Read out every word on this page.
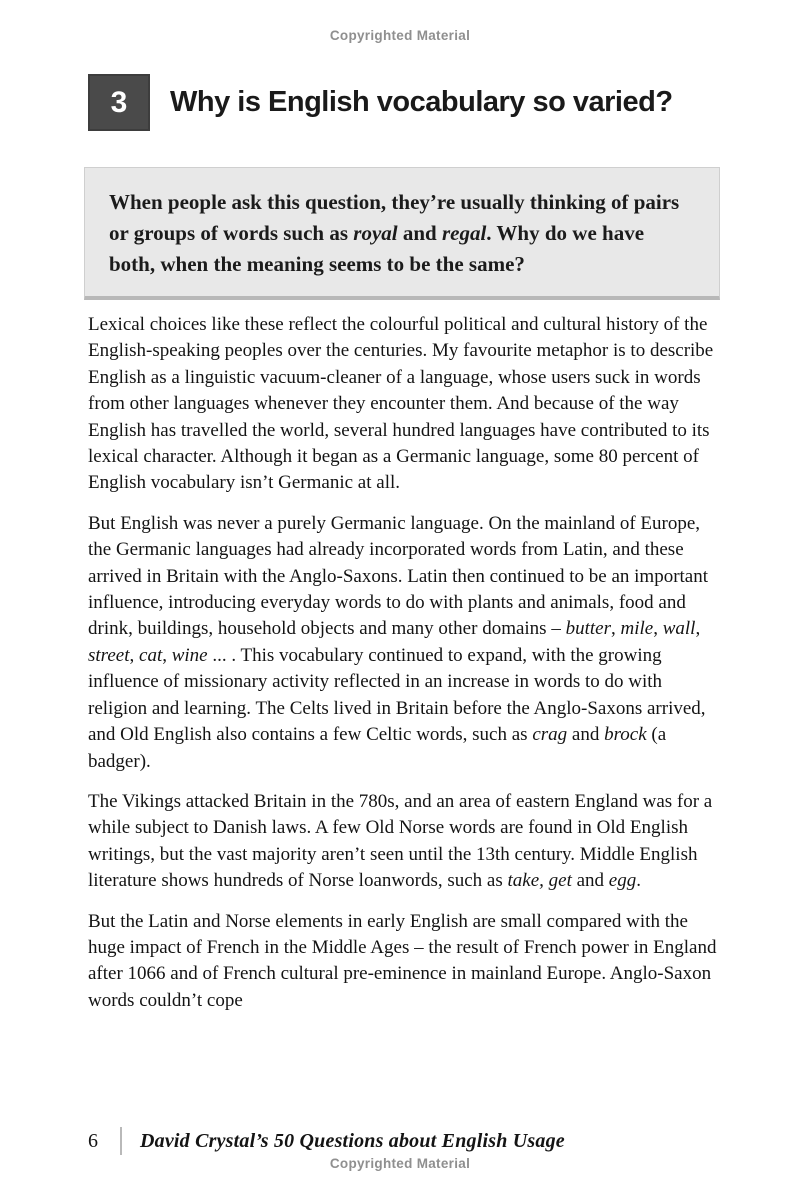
Copyrighted Material
3 Why is English vocabulary so varied?

When people ask this question, they’re usually thinking of pairs or groups of words such as royal and regal. Why do we have both, when the meaning seems to be the same?

Lexical choices like these reflect the colourful political and cultural history of the English-speaking peoples over the centuries. My favourite metaphor is to describe English as a linguistic vacuum-cleaner of a language, whose users suck in words from other languages whenever they encounter them. And because of the way English has travelled the world, several hundred languages have contributed to its lexical character. Although it began as a Germanic language, some 80 percent of English vocabulary isn’t Germanic at all.

But English was never a purely Germanic language. On the mainland of Europe, the Germanic languages had already incorporated words from Latin, and these arrived in Britain with the Anglo-Saxons. Latin then continued to be an important influence, introducing everyday words to do with plants and animals, food and drink, buildings, household objects and many other domains – butter, mile, wall, street, cat, wine ... . This vocabulary continued to expand, with the growing influence of missionary activity reflected in an increase in words to do with religion and learning. The Celts lived in Britain before the Anglo-Saxons arrived, and Old English also contains a few Celtic words, such as crag and brock (a badger).

The Vikings attacked Britain in the 780s, and an area of eastern England was for a while subject to Danish laws. A few Old Norse words are found in Old English writings, but the vast majority aren’t seen until the 13th century. Middle English literature shows hundreds of Norse loanwords, such as take, get and egg.

But the Latin and Norse elements in early English are small compared with the huge impact of French in the Middle Ages – the result of French power in England after 1066 and of French cultural pre-eminence in mainland Europe. Anglo-Saxon words couldn’t cope

6 David Crystal’s 50 Questions about English Usage
Copyrighted Material
